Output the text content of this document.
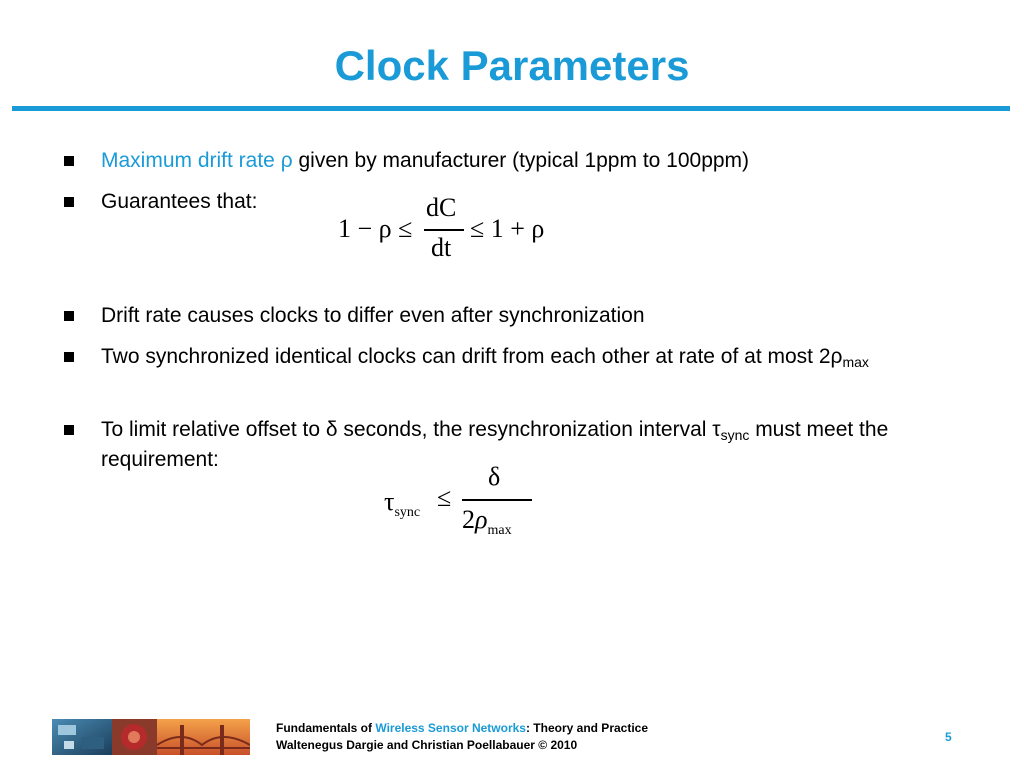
Clock Parameters
Maximum drift rate ρ given by manufacturer (typical 1ppm to 100ppm)
Guarantees that:
1 − ρ ≤
dC
dt
≤ 1 + ρ
Drift rate causes clocks to differ even after synchronization
Two synchronized identical clocks can drift from each other at rate of at most $2\rho_{max}$
To limit relative offset to δ seconds, the resynchronization interval $\tau_{sync}$ must meet the requirement:
$\tau_{sync}$
≤
δ
$2\rho_{max}$
Fundamentals of Wireless Sensor Networks: Theory and Practice
Waltenegus Dargie and Christian Poellabauer © 2010
5
